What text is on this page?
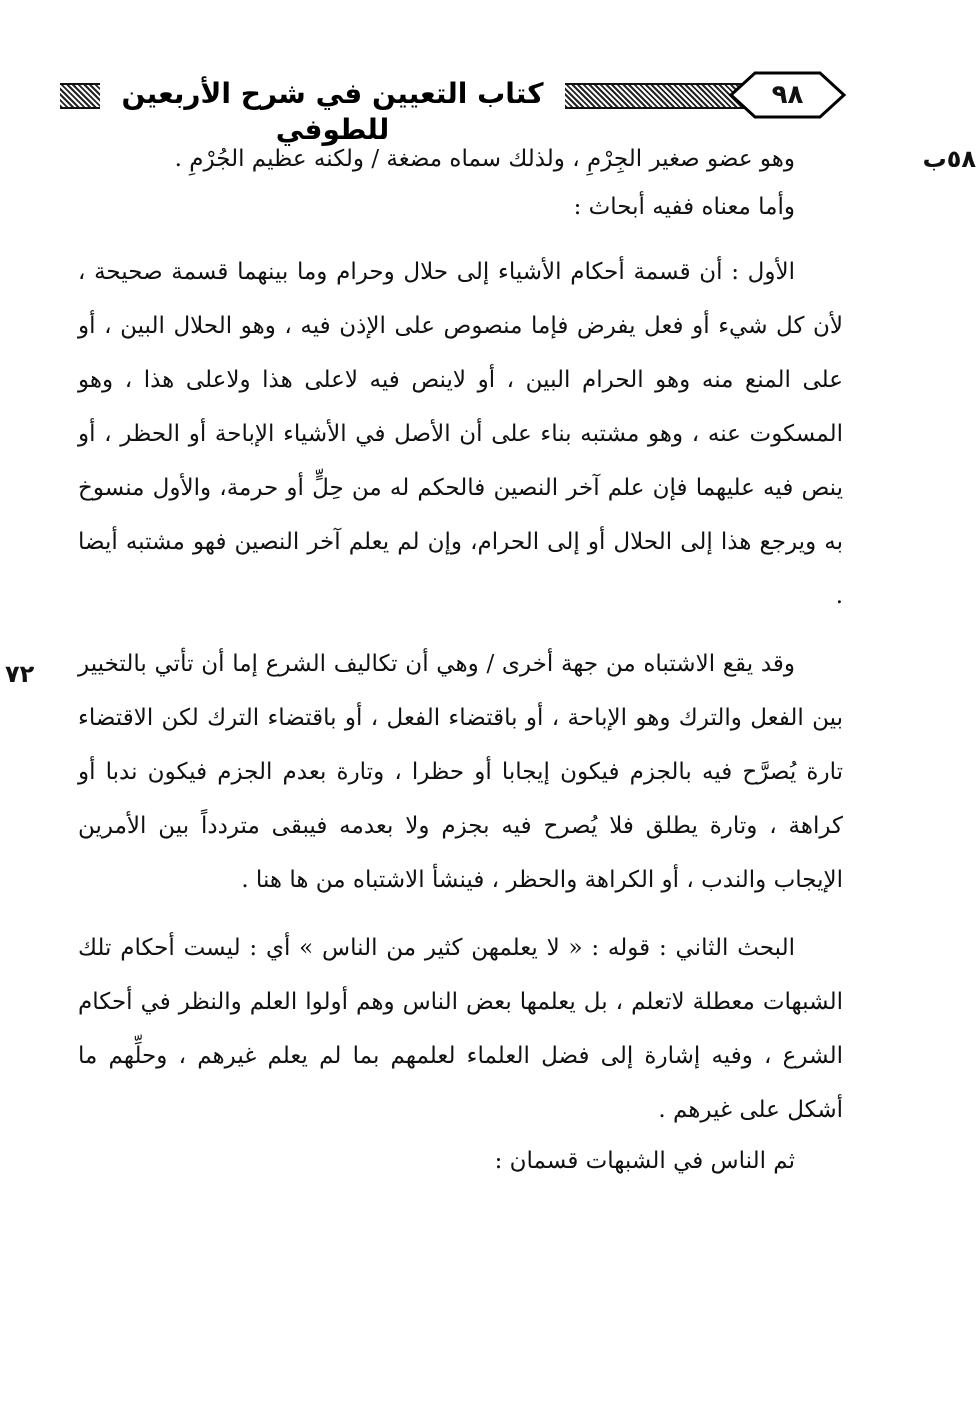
كتاب التعيين في شرح الأربعين للطوفي
٩٨
٥٨ب
٧٢

وهو عضو صغير الجِرْمِ ، ولذلك سماه مضغة / ولكنه عظيم الجُرْمِ .

وأما معناه ففيه أبحاث :

الأول : أن قسمة أحكام الأشياء إلى حلال وحرام وما بينهما قسمة صحيحة ، لأن كل شيء أو فعل يفرض فإما منصوص على الإذن فيه ، وهو الحلال البين ، أو على المنع منه وهو الحرام البين ، أو لاينص فيه لاعلى هذا ولاعلى هذا ، وهو المسكوت عنه ، وهو مشتبه بناء على أن الأصل في الأشياء الإباحة أو الحظر ، أو ينص فيه عليهما فإن علم آخر النصين فالحكم له من حِلٍّ أو حرمة، والأول منسوخ به ويرجع هذا إلى الحلال أو إلى الحرام، وإن لم يعلم آخر النصين فهو مشتبه أيضا .

وقد يقع الاشتباه من جهة أخرى / وهي أن تكاليف الشرع إما أن تأتي بالتخيير بين الفعل والترك وهو الإباحة ، أو باقتضاء الفعل ، أو باقتضاء الترك لكن الاقتضاء تارة يُصرَّح فيه بالجزم فيكون إيجابا أو حظرا ، وتارة بعدم الجزم فيكون ندبا أو كراهة ، وتارة يطلق فلا يُصرح فيه بجزم ولا بعدمه فيبقى متردداً بين الأمرين الإيجاب والندب ، أو الكراهة والحظر ، فينشأ الاشتباه من ها هنا .

البحث الثاني : قوله : « لا يعلمهن كثير من الناس » أي : ليست أحكام تلك الشبهات معطلة لاتعلم ، بل يعلمها بعض الناس وهم أولوا العلم والنظر في أحكام الشرع ، وفيه إشارة إلى فضل العلماء لعلمهم بما لم يعلم غيرهم ، وحلِّهم ما أشكل على غيرهم .

ثم الناس في الشبهات قسمان :
